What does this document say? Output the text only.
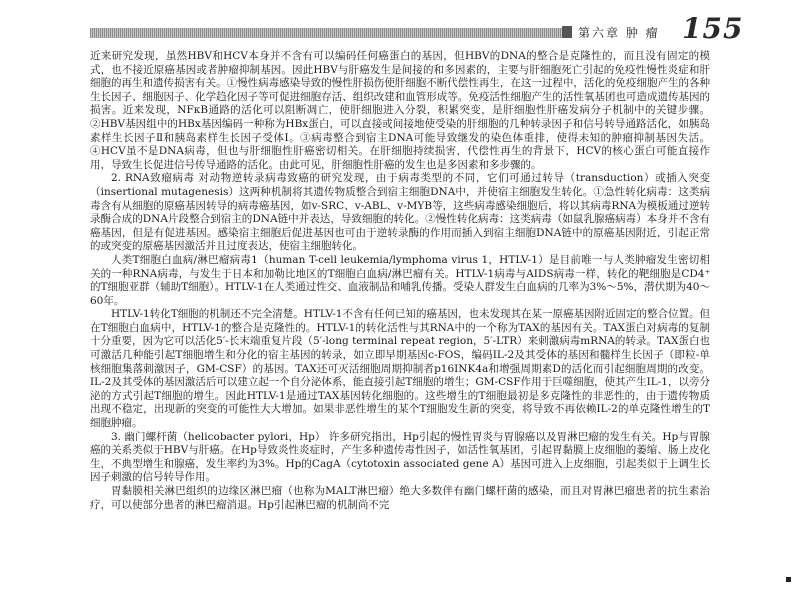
第六章 肿 瘤 155

近来研究发现，虽然HBV和HCV本身并不含有可以编码任何癌蛋白的基因，但HBV的DNA的整合是克隆性的，而且没有固定的模式，也不接近原癌基因或者肿瘤抑制基因。因此HBV与肝癌发生是间接的和多因素的，主要与肝细胞死亡引起的免疫性慢性炎症和肝细胞的再生和遗传损害有关。①慢性病毒感染导致的慢性肝损伤使肝细胞不断代偿性再生，在这一过程中，活化的免疫细胞产生的各种生长因子、细胞因子、化学趋化因子等可促进细胞存活、组织改建和血管形成等。免疫活性细胞产生的活性氧基团也可造成遗传基因的损害。近来发现，NFκB通路的活化可以阻断凋亡，使肝细胞进入分裂，积累突变，是肝细胞性肝癌发病分子机制中的关键步骤。②HBV基因组中的HBx基因编码一种称为HBx蛋白，可以直接或间接地使受染的肝细胞的几种转录因子和信号转导通路活化，如胰岛素样生长因子Ⅱ和胰岛素样生长因子受体Ⅰ。③病毒整合到宿主DNA可能导致继发的染色体重排，使得未知的肿瘤抑制基因失活。④HCV虽不是DNA病毒，但也与肝细胞性肝癌密切相关。在肝细胞持续损害，代偿性再生的背景下，HCV的核心蛋白可能直接作用，导致生长促进信号传导通路的活化。由此可见，肝细胞性肝癌的发生也是多因素和多步骤的。

2. RNA致瘤病毒 对动物逆转录病毒致癌的研究发现，由于病毒类型的不同，它们可通过转导（transduction）或插入突变（insertional mutagenesis）这两种机制将其遗传物质整合到宿主细胞DNA中，并使宿主细胞发生转化。①急性转化病毒：这类病毒含有从细胞的原癌基因转导的病毒癌基因，如v-SRC、v-ABL、v-MYB等，这些病毒感染细胞后，将以其病毒RNA为模板通过逆转录酶合成的DNA片段整合到宿主的DNA链中并表达，导致细胞的转化。②慢性转化病毒：这类病毒（如鼠乳腺癌病毒）本身并不含有癌基因，但是有促进基因。感染宿主细胞后促进基因也可由于逆转录酶的作用而插入到宿主细胞DNA链中的原癌基因附近，引起正常的或突变的原癌基因激活并且过度表达，使宿主细胞转化。

人类T细胞白血病/淋巴瘤病毒1（human T-cell leukemia/lymphoma virus 1，HTLV-1）是目前唯一与人类肿瘤发生密切相关的一种RNA病毒，与发生于日本和加勒比地区的T细胞白血病/淋巴瘤有关。HTLV-1病毒与AIDS病毒一样，转化的靶细胞是CD4⁺的T细胞亚群（辅助T细胞）。HTLV-1在人类通过性交、血液制品和哺乳传播。受染人群发生白血病的几率为3%～5%，潜伏期为40～60年。

HTLV-1转化T细胞的机制还不完全清楚。HTLV-1不含有任何已知的癌基因，也未发现其在某一原癌基因附近固定的整合位置。但在T细胞白血病中，HTLV-1的整合是克隆性的。HTLV-1的转化活性与其RNA中的一个称为TAX的基因有关。TAX蛋白对病毒的复制十分重要，因为它可以活化5′-长末端重复片段（5′-long terminal repeat region，5′-LTR）来刺激病毒mRNA的转录。TAX蛋白也可激活几种能引起T细胞增生和分化的宿主基因的转录，如立即早期基因c-FOS，编码IL-2及其受体的基因和髓样生长因子（即粒-单核细胞集落刺激因子，GM-CSF）的基因。TAX还可灭活细胞周期抑制者p16INK4a和增强周期素D的活化而引起细胞周期的改变。IL-2及其受体的基因激活后可以建立起一个自分泌体系，能直接引起T细胞的增生；GM-CSF作用于巨噬细胞，使其产生IL-1，以旁分泌的方式引起T细胞的增生。因此HTLV-1是通过TAX基因转化细胞的。这些增生的T细胞最初是多克隆性的非恶性的，由于遗传物质出现不稳定，出现新的突变的可能性大大增加。如果非恶性增生的某个T细胞发生新的突变，将导致不再依赖IL-2的单克隆性增生的T细胞肿瘤。

3. 幽门螺杆菌（helicobacter pylori，Hp） 许多研究指出，Hp引起的慢性胃炎与胃腺癌以及胃淋巴瘤的发生有关。Hp与胃腺癌的关系类似于HBV与肝癌。在Hp导致炎性炎症时，产生多种遗传毒性因子，如活性氧基团，引起胃黏膜上皮细胞的萎缩、肠上皮化生，不典型增生和腺癌，发生率约为3%。Hp的CagA（cytotoxin associated gene A）基因可进入上皮细胞，引起类似于上调生长因子刺激的信号转导作用。

胃黏膜相关淋巴组织的边缘区淋巴瘤（也称为MALT淋巴瘤）绝大多数伴有幽门螺杆菌的感染，而且对胃淋巴瘤患者的抗生素治疗，可以使部分患者的淋巴瘤消退。Hp引起淋巴瘤的机制尚不完
